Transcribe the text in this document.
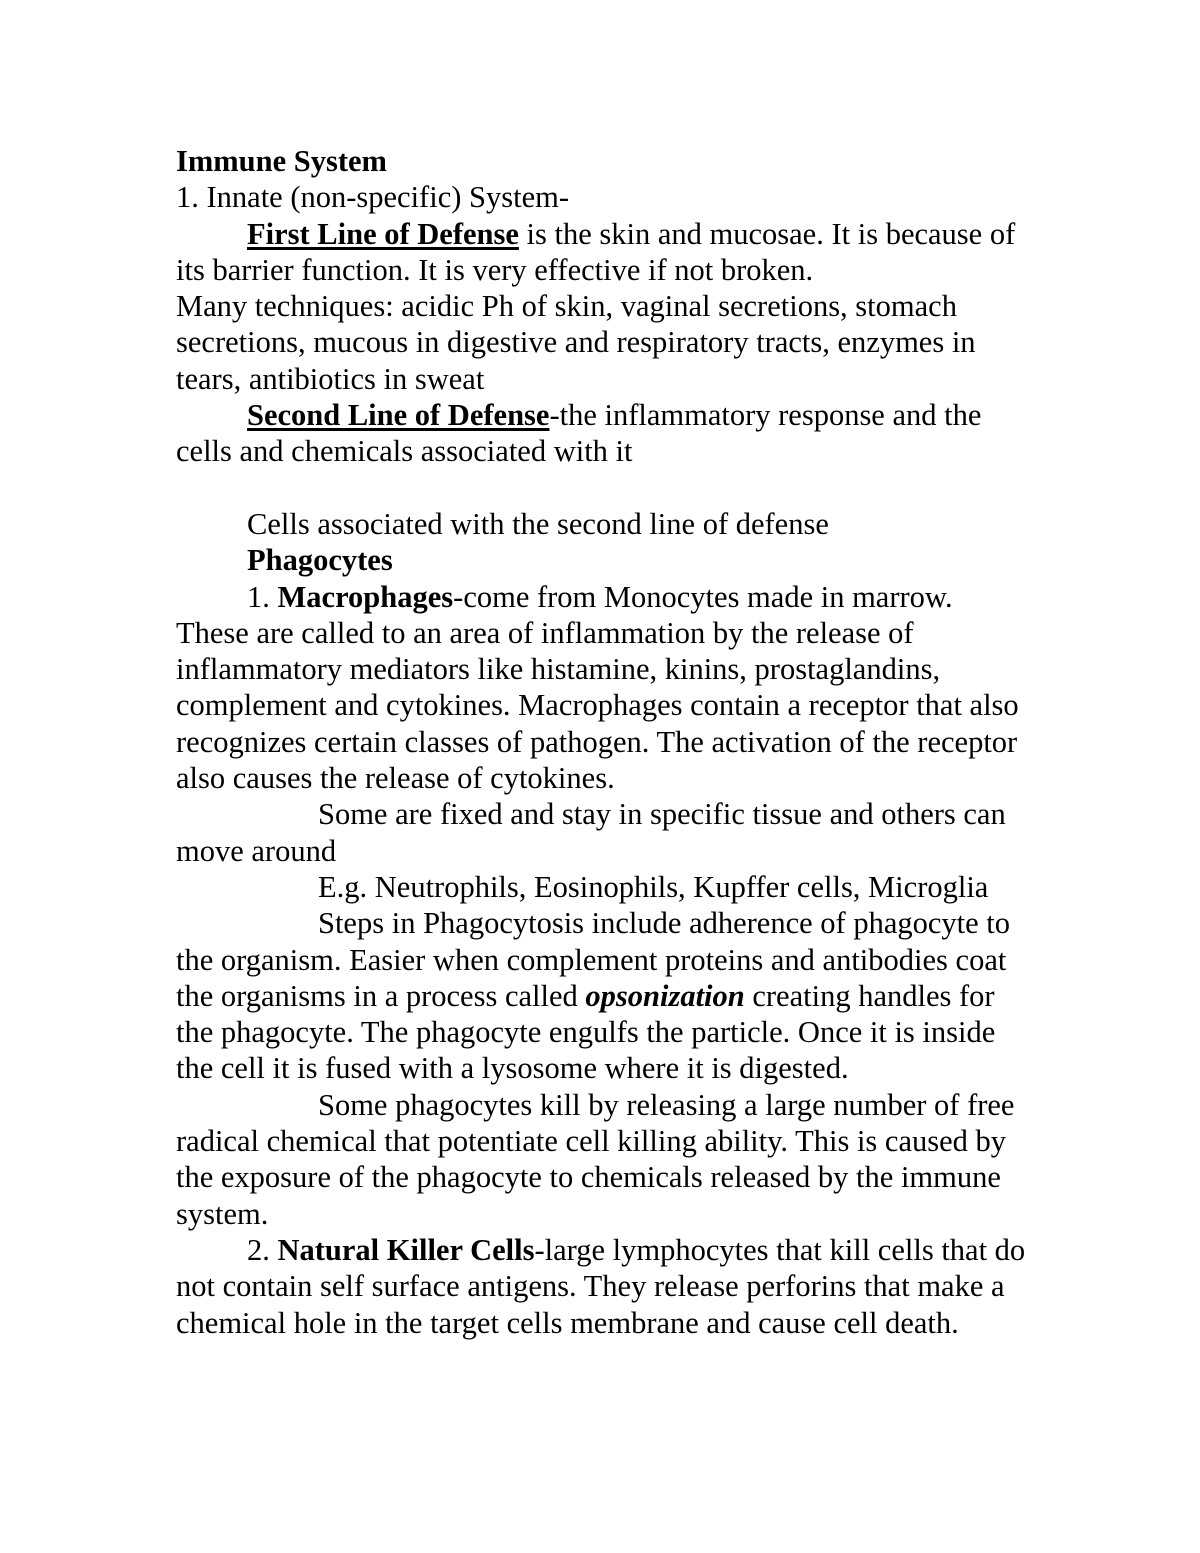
Immune System

1. Innate (non-specific) System-

First Line of Defense is the skin and mucosae. It is because of its barrier function. It is very effective if not broken.

Many techniques: acidic Ph of skin, vaginal secretions, stomach secretions, mucous in digestive and respiratory tracts, enzymes in tears, antibiotics in sweat

Second Line of Defense-the inflammatory response and the cells and chemicals associated with it

Cells associated with the second line of defense

Phagocytes

1. Macrophages-come from Monocytes made in marrow. These are called to an area of inflammation by the release of inflammatory mediators like histamine, kinins, prostaglandins, complement and cytokines. Macrophages contain a receptor that also recognizes certain classes of pathogen. The activation of the receptor also causes the release of cytokines.

Some are fixed and stay in specific tissue and others can move around

E.g. Neutrophils, Eosinophils, Kupffer cells, Microglia

Steps in Phagocytosis include adherence of phagocyte to the organism. Easier when complement proteins and antibodies coat the organisms in a process called opsonization creating handles for the phagocyte. The phagocyte engulfs the particle. Once it is inside the cell it is fused with a lysosome where it is digested.

Some phagocytes kill by releasing a large number of free radical chemical that potentiate cell killing ability. This is caused by the exposure of the phagocyte to chemicals released by the immune system.

2. Natural Killer Cells-large lymphocytes that kill cells that do not contain self surface antigens. They release perforins that make a chemical hole in the target cells membrane and cause cell death.
